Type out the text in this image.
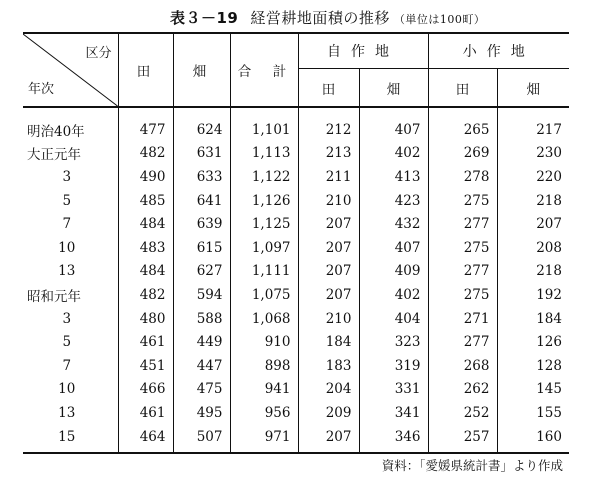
表３－19 経営耕地面積の推移 （単位は100町）
区分
年次	田	畑	合　計	自作地		小作地	
				田	畑	田	畑
明治40年	477	624	1,101	212	407	265	217
大正元年	482	631	1,113	213	402	269	230
3	490	633	1,122	211	413	278	220
5	485	641	1,126	210	423	275	218
7	484	639	1,125	207	432	277	207
10	483	615	1,097	207	407	275	208
13	484	627	1,111	207	409	277	218
昭和元年	482	594	1,075	207	402	275	192
3	480	588	1,068	210	404	271	184
5	461	449	910	184	323	277	126
7	451	447	898	183	319	268	128
10	466	475	941	204	331	262	145
13	461	495	956	209	341	252	155
15	464	507	971	207	346	257	160
資料：「愛媛県統計書」より作成
